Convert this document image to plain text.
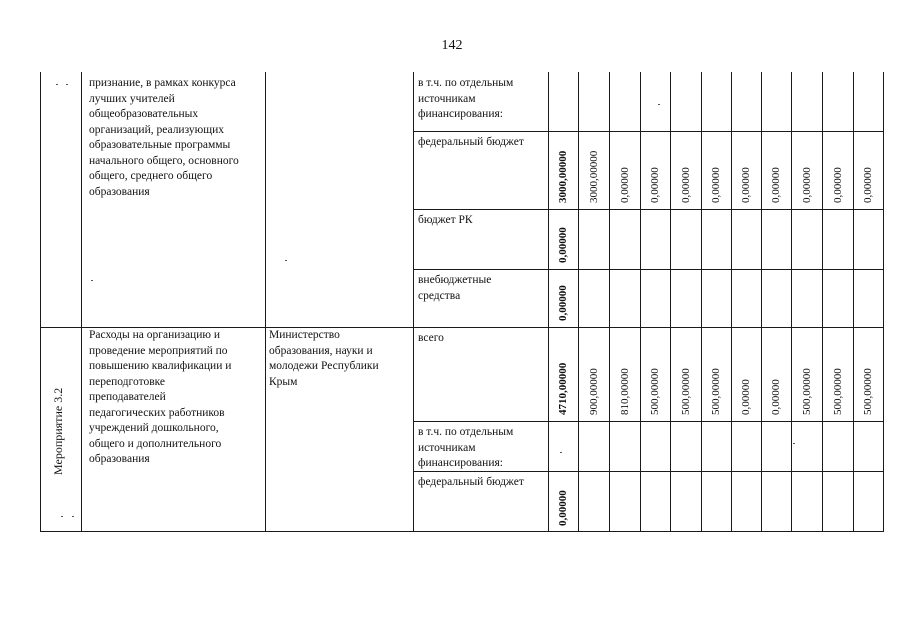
142
признание, в рамках конкурса
лучших учителей
общеобразовательных
организаций, реализующих
образовательные программы
начального общего, основного
общего, среднего общего
образования
Мероприятие 3.2
Расходы на организацию и
проведение мероприятий по
повышению квалификации и
переподготовке
преподавателей
педагогических работников
учреждений дошкольного,
общего и дополнительного
образования
Министерство
образования, науки и
молодежи Республики
Крым
в т.ч. по отдельным
источникам
финансирования:
федеральный бюджет
3000,00000 3000,00000 0,00000 0,00000 0,00000 0,00000 0,00000 0,00000 0,00000 0,00000 0,00000
бюджет РК
0,00000
внебюджетные
средства	0,00000
всего
4710,00000 900,00000 810,00000 500,00000 500,00000 500,00000 0,00000 0,00000 500,00000 500,00000 500,00000
в т.ч. по отдельным
источникам
финансирования:
федеральный бюджет
0,00000
